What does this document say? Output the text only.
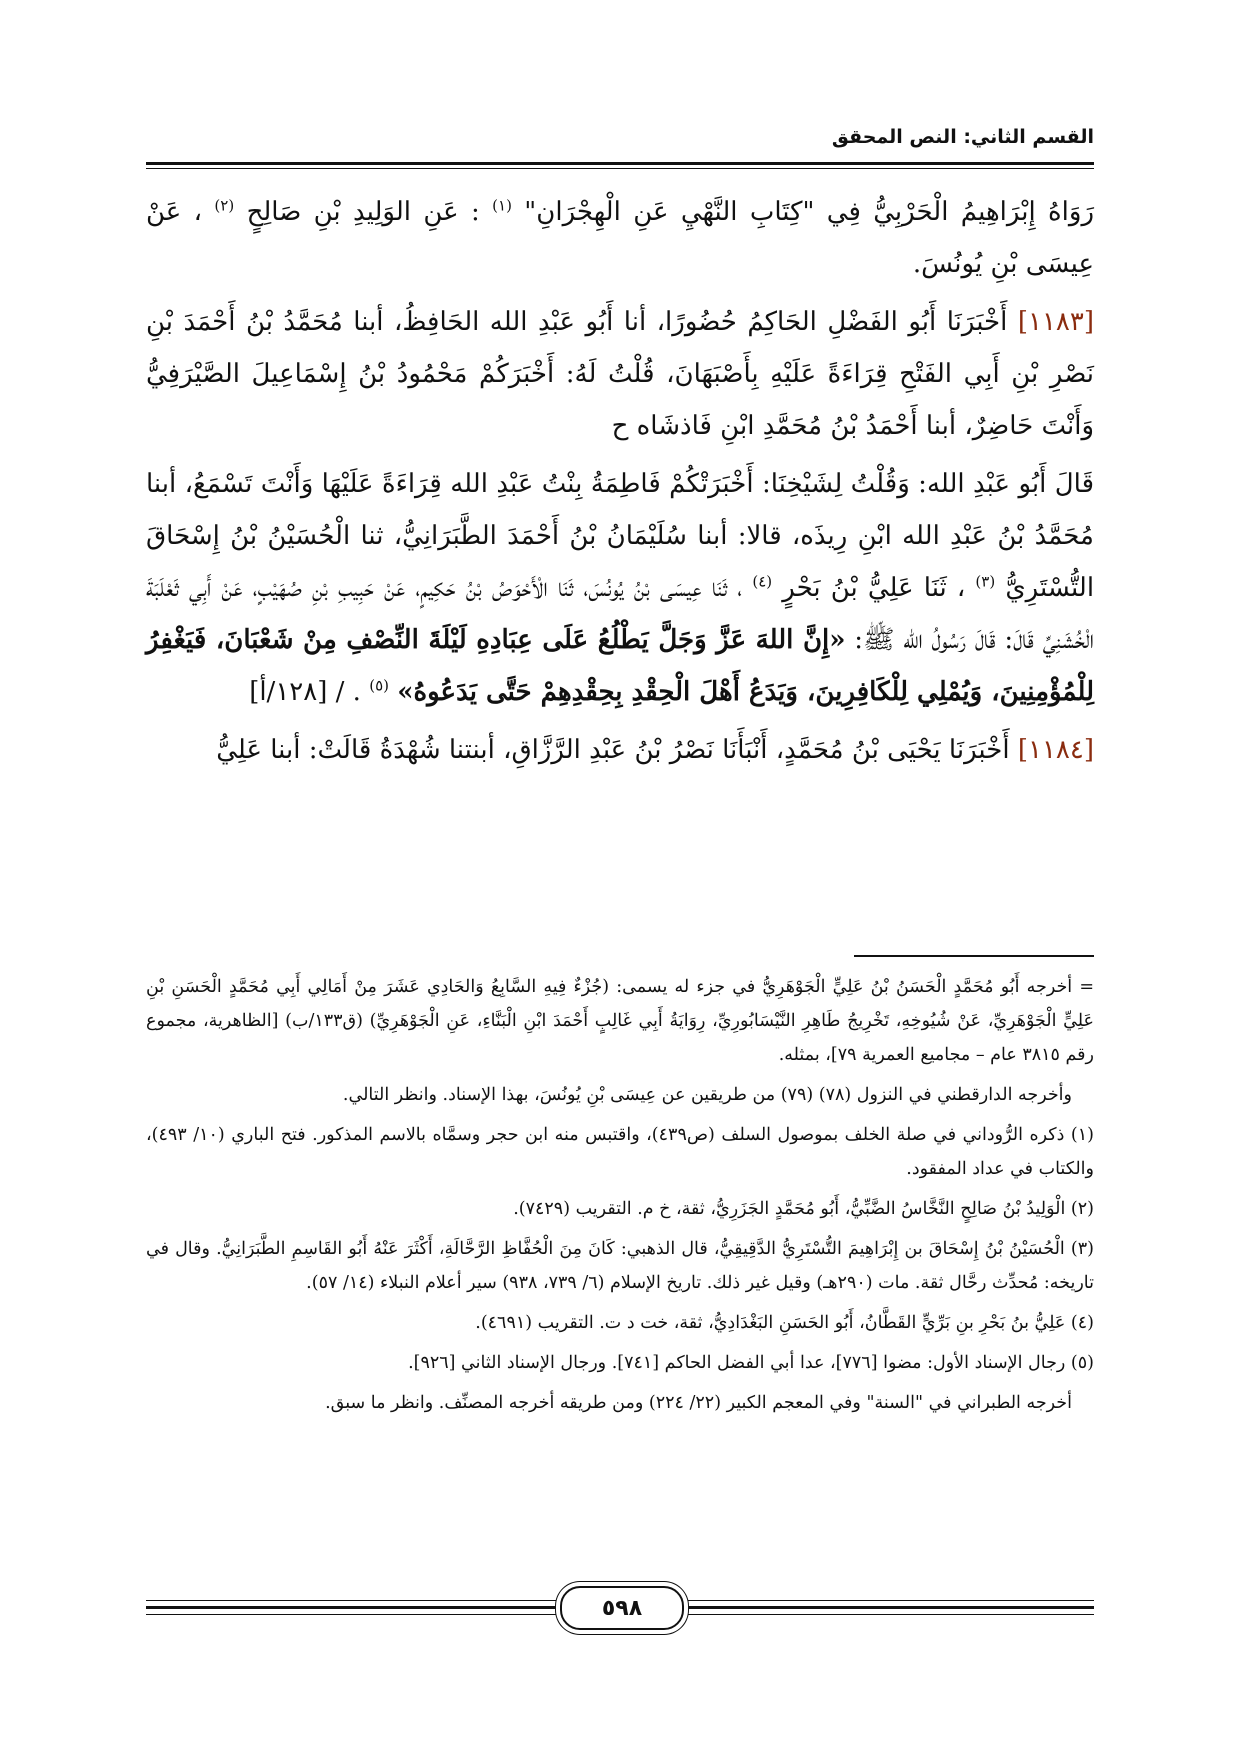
القسم الثاني: النص المحقق

رَوَاهُ إِبْرَاهِيمُ الْحَرْبِيُّ فِي "كِتَابِ النَّهْيِ عَنِ الْهِجْرَانِ" $^{(١)}$ : عَنِ الوَلِيدِ بْنِ صَالِحٍ $^{(٢)}$ ، عَنْ عِيسَى بْنِ يُونُسَ.

[١١٨٣] أَخْبَرَنَا أَبُو الفَضْلِ الحَاكِمُ حُضُورًا، أنا أَبُو عَبْدِ الله الحَافِظُ، أبنا مُحَمَّدُ بْنُ أَحْمَدَ بْنِ نَصْرِ بْنِ أَبِي الفَتْحِ قِرَاءَةً عَلَيْهِ بِأَصْبَهَانَ، قُلْتُ لَهُ: أَخْبَرَكُمْ مَحْمُودُ بْنُ إِسْمَاعِيلَ الصَّيْرَفِيُّ وَأَنْتَ حَاضِرٌ، أبنا أَحْمَدُ بْنُ مُحَمَّدِ ابْنِ فَاذشَاه ح

قَالَ أَبُو عَبْدِ الله: وَقُلْتُ لِشَيْخِنَا: أَخْبَرَتْكُمْ فَاطِمَةُ بِنْتُ عَبْدِ الله قِرَاءَةً عَلَيْهَا وَأَنْتَ تَسْمَعُ، أبنا مُحَمَّدُ بْنُ عَبْدِ الله ابْنِ رِيذَه، قالا: أبنا سُلَيْمَانُ بْنُ أَحْمَدَ الطَّبَرَانِيُّ، ثنا الْحُسَيْنُ بْنُ إِسْحَاقَ التُّسْتَرِيُّ $^{(٣)}$ ، ثَنَا عَلِيُّ بْنُ بَحْرٍ $^{(٤)}$ ، ثَنَا عِيسَى بْنُ يُونُسَ، ثَنَا الْأَحْوَصُ بْنُ حَكِيمٍ، عَنْ حَبِيبِ بْنِ صُهَيْبٍ، عَنْ أَبِي ثَعْلَبَةَ الْخُشَنِيِّ قَالَ: قَالَ رَسُولُ الله ﷺ: «إِنَّ اللهَ عَزَّ وَجَلَّ يَطْلُعُ عَلَى عِبَادِهِ لَيْلَةَ النِّصْفِ مِنْ شَعْبَانَ، فَيَغْفِرُ لِلْمُؤْمِنِينَ، وَيُمْلِي لِلْكَافِرِينَ، وَيَدَعُ أَهْلَ الْحِقْدِ بِحِقْدِهِمْ حَتَّى يَدَعُوهُ» $^{(٥)}$ . / [١٢٨/أ]

[١١٨٤] أَخْبَرَنَا يَحْيَى بْنُ مُحَمَّدٍ، أَنْبَأَنَا نَصْرُ بْنُ عَبْدِ الرَّزَّاقِ، أبنتنا شُهْدَةُ قَالَتْ: أبنا عَلِيُّ

= أخرجه أَبُو مُحَمَّدٍ الْحَسَنُ بْنُ عَلِيٍّ الْجَوْهَرِيُّ في جزء له يسمى: (جُزْءٌ فِيهِ السَّابِعُ وَالحَادِي عَشَرَ مِنْ أَمَالِي أَبِي مُحَمَّدٍ الْحَسَنِ بْنِ عَلِيٍّ الْجَوْهَرِيِّ، عَنْ شُيُوخِهِ، تَخْرِيجُ طَاهِرِ النَّيْسَابُورِيِّ، رِوَايَةُ أَبِي غَالِبٍ أَحْمَدَ ابْنِ الْبَنَّاءِ، عَنِ الْجَوْهَرِيِّ) (ق١٣٣/ب) [الظاهرية، مجموع رقم ٣٨١٥ عام – مجاميع العمرية ٧٩]، بمثله.

وأخرجه الدارقطني في النزول (٧٨) (٧٩) من طريقين عن عِيسَى بْنِ يُونُسَ، بهذا الإسناد. وانظر التالي.

(١) ذكره الرُّوداني في صلة الخلف بموصول السلف (ص٤٣٩)، واقتبس منه ابن حجر وسمَّاه بالاسم المذكور. فتح الباري (١٠/ ٤٩٣)، والكتاب في عداد المفقود.

(٢) الْوَلِيدُ بْنُ صَالِحٍ النَّخَّاسُ الضَّبِّيُّ، أَبُو مُحَمَّدٍ الجَزَرِيُّ، ثقة، خ م. التقريب (٧٤٢٩).

(٣) الْحُسَيْنُ بْنُ إِسْحَاقَ بن إِبْرَاهِيمَ التُّسْتَرِيُّ الدَّقِيقِيُّ، قال الذهبي: كَانَ مِنَ الْحُفَّاظِ الرَّحَّالَةِ، أَكْثَرَ عَنْهُ أَبُو القَاسِمِ الطَّبَرَانِيُّ. وقال في تاريخه: مُحدِّث رحَّال ثقة. مات (٢٩٠هـ) وقيل غير ذلك. تاريخ الإسلام (٦/ ٧٣٩، ٩٣٨) سير أعلام النبلاء (١٤/ ٥٧).

(٤) عَلِيُّ بنُ بَحْرِ بنِ بَرِّيٍّ القَطَّانُ، أَبُو الحَسَنِ البَغْدَادِيُّ، ثقة، خت د ت. التقريب (٤٦٩١).

(٥) رجال الإسناد الأول: مضوا [٧٧٦]، عدا أبي الفضل الحاكم [٧٤١]. ورجال الإسناد الثاني [٩٢٦].

أخرجه الطبراني في "السنة" وفي المعجم الكبير (٢٢/ ٢٢٤) ومن طريقه أخرجه المصنِّف. وانظر ما سبق.

٥٩٨
